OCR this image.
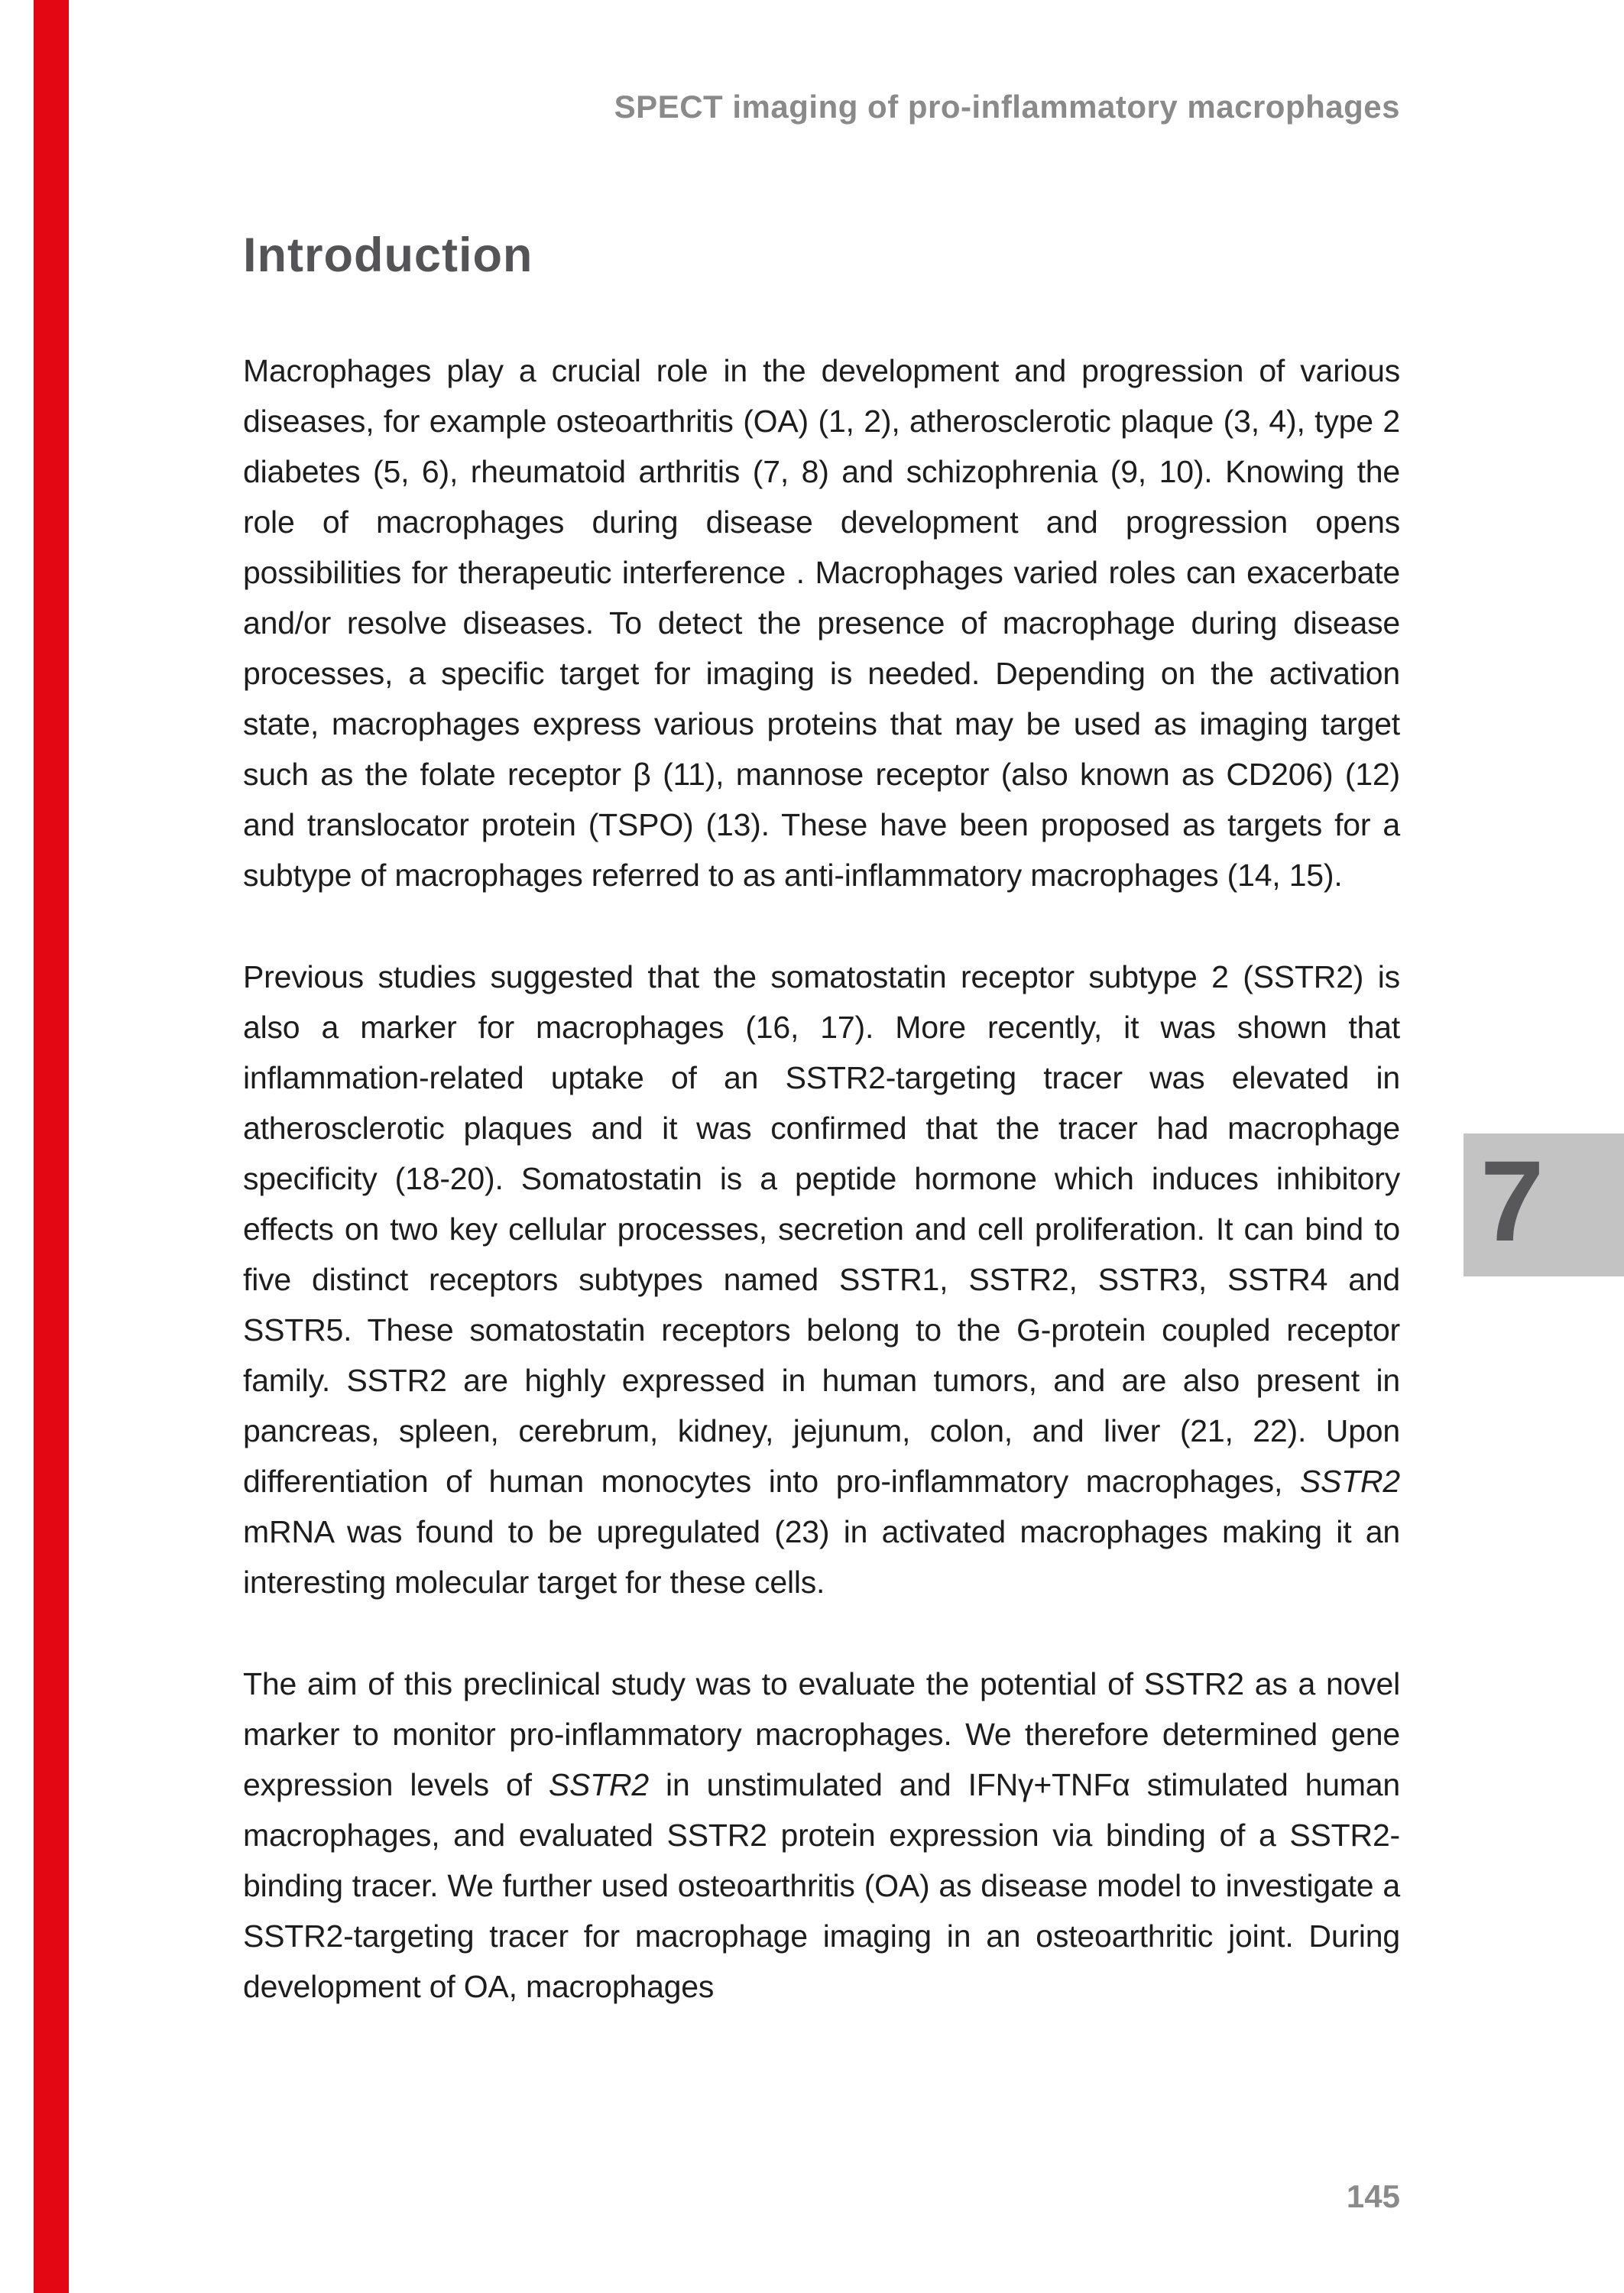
SPECT imaging of pro-inflammatory macrophages
Introduction

Macrophages play a crucial role in the development and progression of various diseases, for example osteoarthritis (OA) (1, 2), atherosclerotic plaque (3, 4), type 2 diabetes (5, 6), rheumatoid arthritis (7, 8) and schizophrenia (9, 10). Knowing the role of macrophages during disease development and progression opens possibilities for therapeutic interference . Macrophages varied roles can exacerbate and/or resolve diseases. To detect the presence of macrophage during disease processes, a specific target for imaging is needed. Depending on the activation state, macrophages express various proteins that may be used as imaging target such as the folate receptor β (11), mannose receptor (also known as CD206) (12) and translocator protein (TSPO) (13). These have been proposed as targets for a subtype of macrophages referred to as anti-inflammatory macrophages (14, 15).

Previous studies suggested that the somatostatin receptor subtype 2 (SSTR2) is also a marker for macrophages (16, 17). More recently, it was shown that inflammation-related uptake of an SSTR2-targeting tracer was elevated in atherosclerotic plaques and it was confirmed that the tracer had macrophage specificity (18-20). Somatostatin is a peptide hormone which induces inhibitory effects on two key cellular processes, secretion and cell proliferation. It can bind to five distinct receptors subtypes named SSTR1, SSTR2, SSTR3, SSTR4 and SSTR5. These somatostatin receptors belong to the G-protein coupled receptor family. SSTR2 are highly expressed in human tumors, and are also present in pancreas, spleen, cerebrum, kidney, jejunum, colon, and liver (21, 22). Upon differentiation of human monocytes into pro-inflammatory macrophages, SSTR2 mRNA was found to be upregulated (23) in activated macrophages making it an interesting molecular target for these cells.

The aim of this preclinical study was to evaluate the potential of SSTR2 as a novel marker to monitor pro-inflammatory macrophages. We therefore determined gene expression levels of SSTR2 in unstimulated and IFNγ+TNFα stimulated human macrophages, and evaluated SSTR2 protein expression via binding of a SSTR2-binding tracer. We further used osteoarthritis (OA) as disease model to investigate a SSTR2-targeting tracer for macrophage imaging in an osteoarthritic joint. During development of OA, macrophages

7
145
